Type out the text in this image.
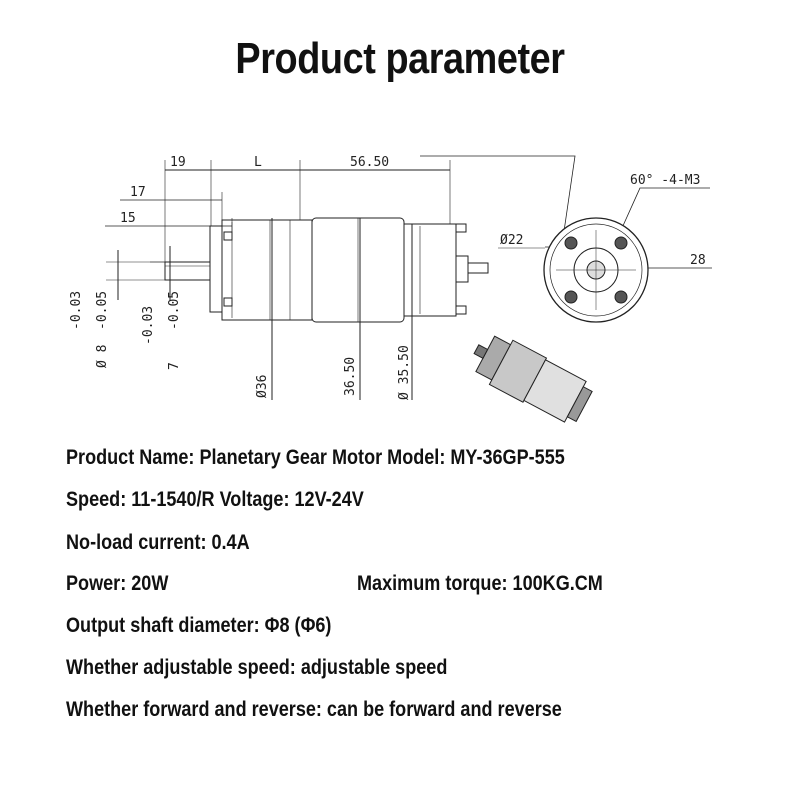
Product parameter
19	L	56.50
17
15
-0.03 -0.05
Ø 8
-0.03 -0.05
7
Ø36	36.50	Ø 35.50
Ø22
60° -4-M3
28
Product Name: Planetary Gear Motor Model: MY-36GP-555
Speed: 11-1540/R Voltage: 12V-24V
No-load current: 0.4A
Power: 20W	Maximum torque: 100KG.CM
Output shaft diameter: Φ8 (Φ6)
Whether adjustable speed: adjustable speed
Whether forward and reverse: can be forward and reverse
